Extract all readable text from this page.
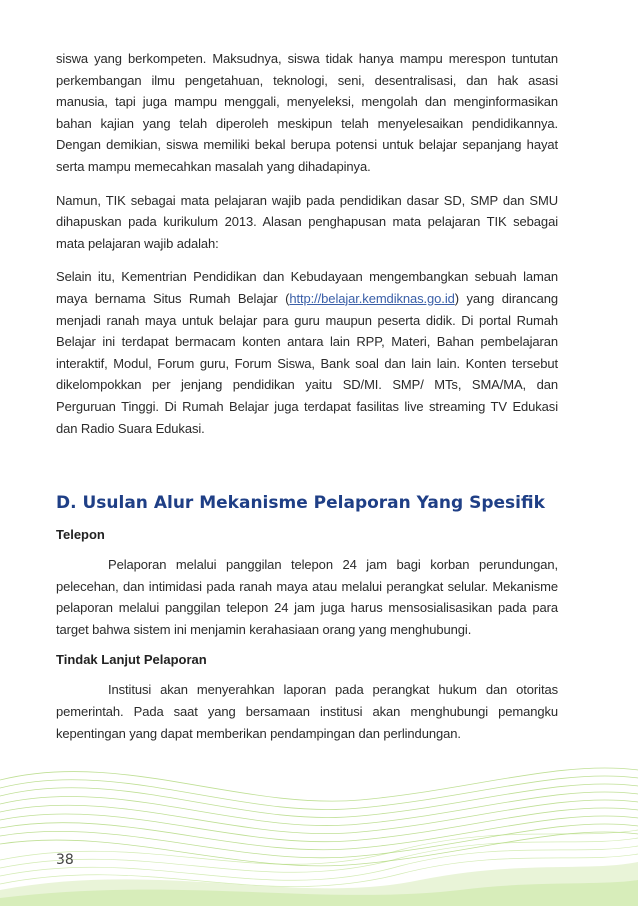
siswa yang berkompeten. Maksudnya, siswa tidak hanya mampu merespon tuntutan perkembangan ilmu pengetahuan, teknologi, seni, desentralisasi, dan hak asasi manusia, tapi juga mampu menggali, menyeleksi, mengolah dan menginformasikan bahan kajian yang telah diperoleh meskipun telah menyelesaikan pendidikannya. Dengan demikian, siswa memiliki bekal berupa potensi untuk belajar sepanjang hayat serta mampu memecahkan masalah yang dihadapinya.

Namun, TIK sebagai mata pelajaran wajib pada pendidikan dasar SD, SMP dan SMU dihapuskan pada kurikulum 2013. Alasan penghapusan mata pelajaran TIK sebagai mata pelajaran wajib adalah:

Selain itu, Kementrian Pendidikan dan Kebudayaan mengembangkan sebuah laman maya bernama Situs Rumah Belajar (http://belajar.kemdiknas.go.id) yang dirancang menjadi ranah maya untuk belajar para guru maupun peserta didik. Di portal Rumah Belajar ini terdapat bermacam konten antara lain RPP, Materi, Bahan pembelajaran interaktif, Modul, Forum guru, Forum Siswa, Bank soal dan lain lain. Konten tersebut dikelompokkan per jenjang pendidikan yaitu SD/MI. SMP/ MTs, SMA/MA, dan Perguruan Tinggi. Di Rumah Belajar juga terdapat fasilitas live streaming TV Edukasi dan Radio Suara Edukasi.

D. Usulan Alur Mekanisme Pelaporan Yang Spesifik
Telepon

Pelaporan melalui panggilan telepon 24 jam bagi korban perundungan, pelecehan, dan intimidasi pada ranah maya atau melalui perangkat selular. Mekanisme pelaporan melalui panggilan telepon 24 jam juga harus mensosialisasikan pada para target bahwa sistem ini menjamin kerahasiaan orang yang menghubungi.

Tindak Lanjut Pelaporan

Institusi akan menyerahkan laporan pada perangkat hukum dan otoritas pemerintah. Pada saat yang bersamaan institusi akan menghubungi pemangku kepentingan yang dapat memberikan pendampingan dan perlindungan.

38
